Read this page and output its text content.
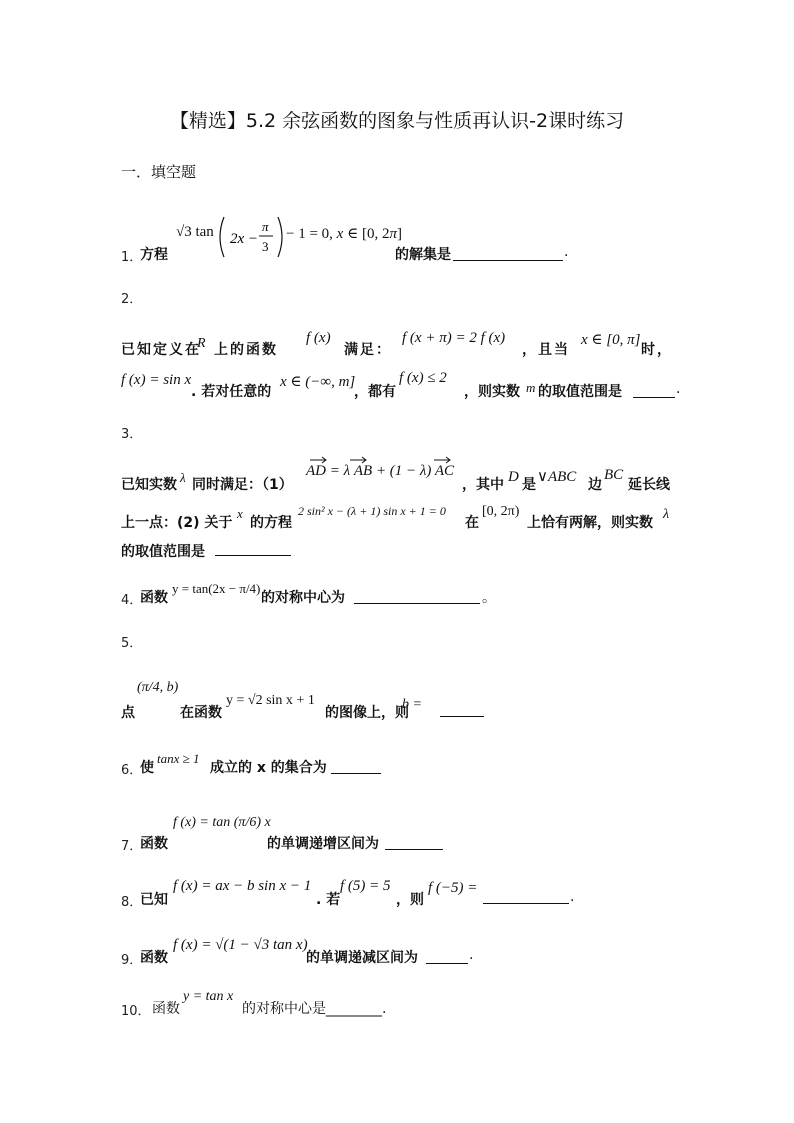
【精选】5.2 余弦函数的图象与性质再认识-2课时练习
一．填空题
1．
方程
√3 tan 2x −
π
3
− 1 = 0, x ∈ [0, 2π]
的解集是	.
2．
已知定义在
R 上的函数
f (x)
满足：
f (x + π) = 2 f (x)
，且当
x ∈ [0, π]
时，
f (x) = sin x
. 若对任意的
x ∈ (−∞, m]
，都有
f (x) ≤ 2
，则实数 m 的取值范围是	.
3．
已知实数 λ 同时满足：（1）
AD = λ AB + (1 − λ) AC
，其中 D 是 ∨ABC 边
BC
延长线
上一点：(2) 关于
x
的方程
2 sin² x − (λ + 1) sin x + 1 = 0
在
[0, 2π)
上恰有两解，则实数
λ
的取值范围是
4．
函数
y = tan(2x − π/4)
的对称中心为	。
5．
点
(π/4, b)
在函数
y = √2 sin x + 1
的图像上，则
b =
6．
使
tanx ≥ 1
成立的 x 的集合为
7．
函数
f (x) = tan (π/6) x
的单调递增区间为
8．
已知
f (x) = ax − b sin x − 1
. 若
f (5) = 5
，则
f (−5) =
.
9．
函数
f (x) = √(1 − √3 tan x)
的单调递减区间为	.
10． 函数
y = tan x
的对称中心是________.
